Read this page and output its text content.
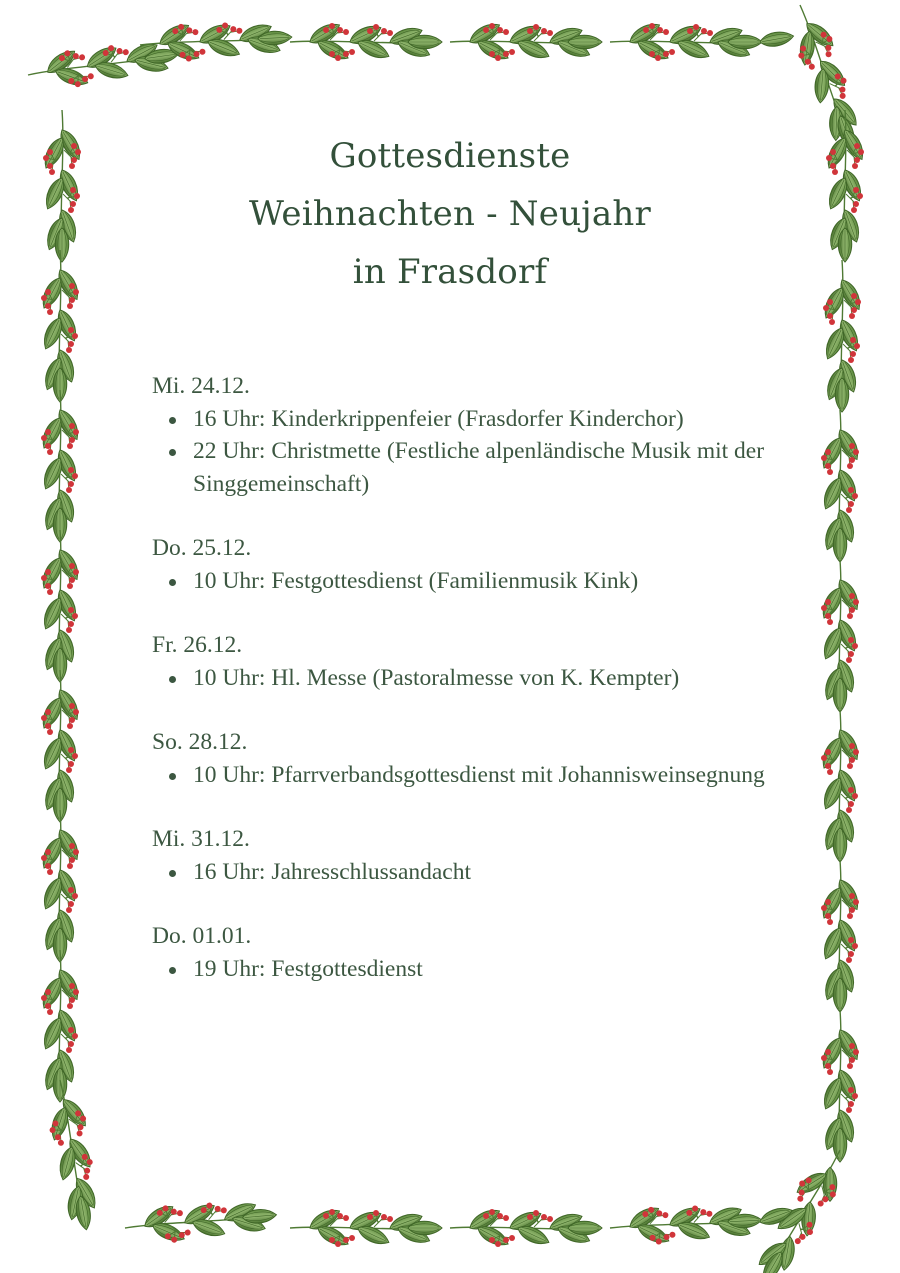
Gottesdienste
Weihnachten - Neujahr
in Frasdorf
Mi. 24.12.
16 Uhr: Kinderkrippenfeier (Frasdorfer Kinderchor)
22 Uhr: Christmette (Festliche alpenländische Musik mit der Singgemeinschaft)
Do. 25.12.
10 Uhr: Festgottesdienst (Familienmusik Kink)
Fr. 26.12.
10 Uhr: Hl. Messe (Pastoralmesse von K. Kempter)
So. 28.12.
10 Uhr: Pfarrverbandsgottesdienst mit Johannisweinsegnung
Mi. 31.12.
16 Uhr: Jahresschlussandacht
Do. 01.01.
19 Uhr: Festgottesdienst
